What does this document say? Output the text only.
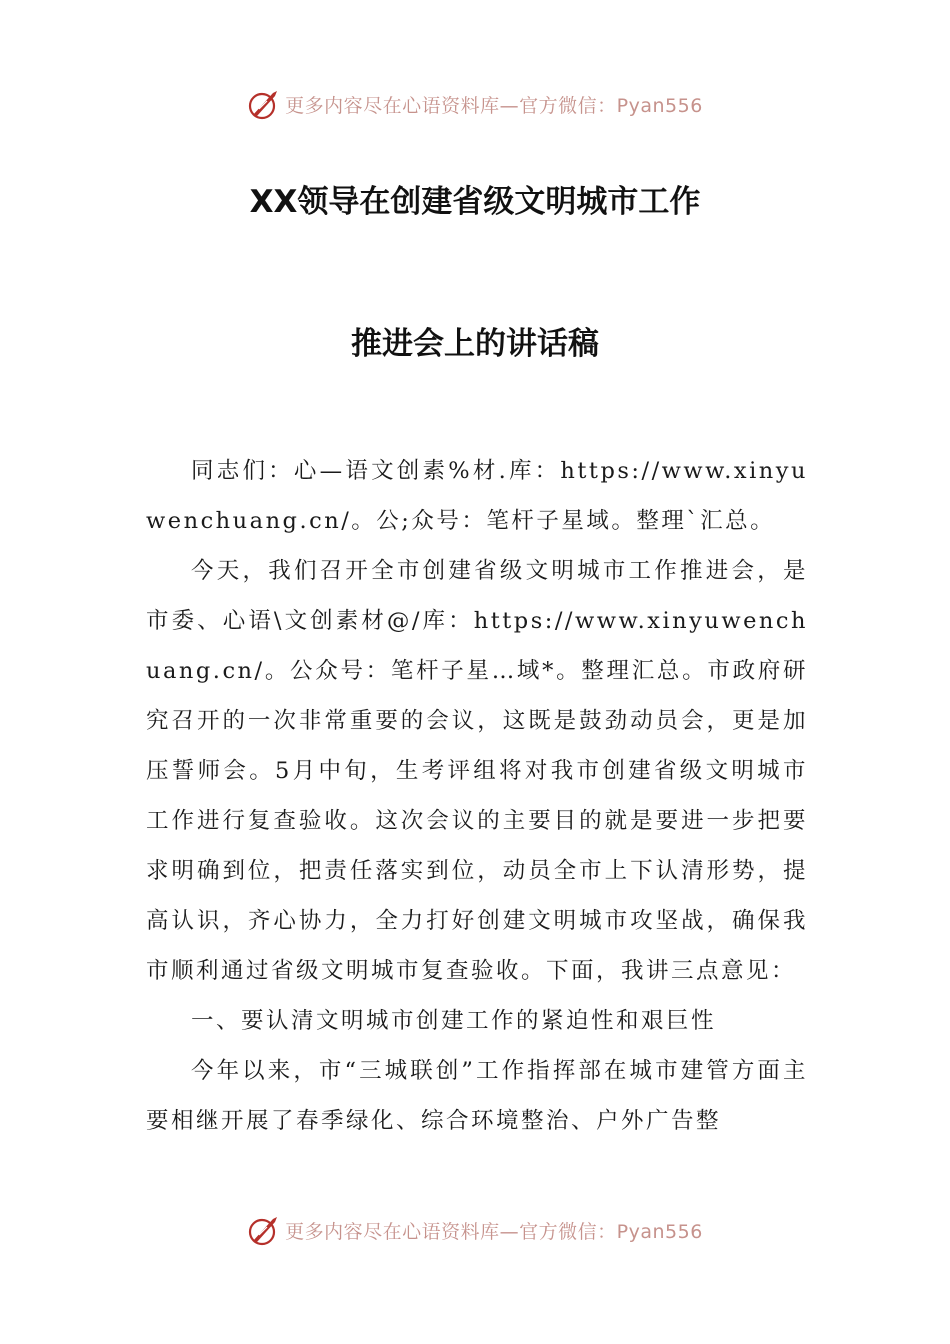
更多内容尽在心语资料库—官方微信：Pyan556
XX领导在创建省级文明城市工作
推进会上的讲话稿

同志们：心—语文创素%材.库：https://www.xinyuwenchuang.cn/。公;众号：笔杆子星域。整理`汇总。

今天，我们召开全市创建省级文明城市工作推进会，是市委、心语\文创素材@/库：https://www.xinyuwenchuang.cn/。公众号：笔杆子星…域*。整理汇总。市政府研究召开的一次非常重要的会议，这既是鼓劲动员会，更是加压誓师会。5月中旬，生考评组将对我市创建省级文明城市工作进行复查验收。这次会议的主要目的就是要进一步把要求明确到位，把责任落实到位，动员全市上下认清形势，提高认识，齐心协力，全力打好创建文明城市攻坚战，确保我市顺利通过省级文明城市复查验收。下面，我讲三点意见：

一、要认清文明城市创建工作的紧迫性和艰巨性

今年以来，市“三城联创”工作指挥部在城市建管方面主要相继开展了春季绿化、综合环境整治、户外广告整

更多内容尽在心语资料库—官方微信：Pyan556
